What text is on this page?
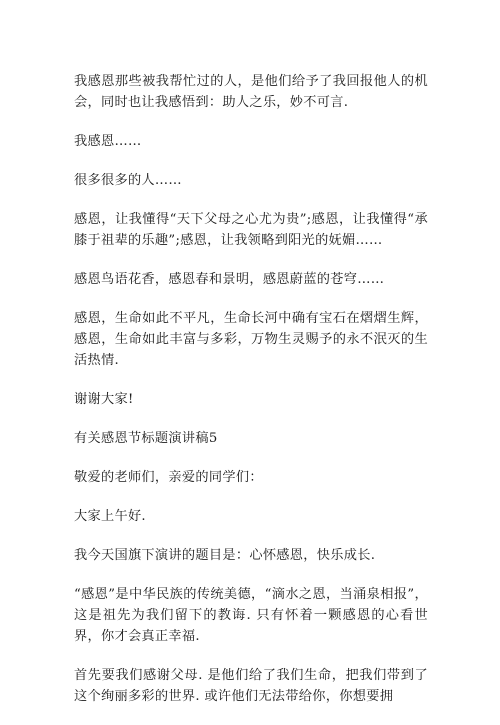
我感恩那些被我帮忙过的人，是他们给予了我回报他人的机会，同时也让我感悟到：助人之乐，妙不可言.

我感恩……

很多很多的人……

感恩，让我懂得“天下父母之心尤为贵”;感恩，让我懂得“承膝于祖辈的乐趣”;感恩，让我领略到阳光的妩媚……

感恩鸟语花香，感恩春和景明，感恩蔚蓝的苍穹……

感恩，生命如此不平凡，生命长河中确有宝石在熠熠生辉，感恩，生命如此丰富与多彩，万物生灵赐予的永不泯灭的生活热情.

谢谢大家!

有关感恩节标题演讲稿5

敬爱的老师们，亲爱的同学们：

大家上午好.

我今天国旗下演讲的题目是：心怀感恩，快乐成长.

“感恩”是中华民族的传统美德，“滴水之恩，当涌泉相报”，这是祖先为我们留下的教诲. 只有怀着一颗感恩的心看世界，你才会真正幸福.

首先要我们感谢父母. 是他们给了我们生命，把我们带到了这个绚丽多彩的世界. 或许他们无法带给你，你想要拥
